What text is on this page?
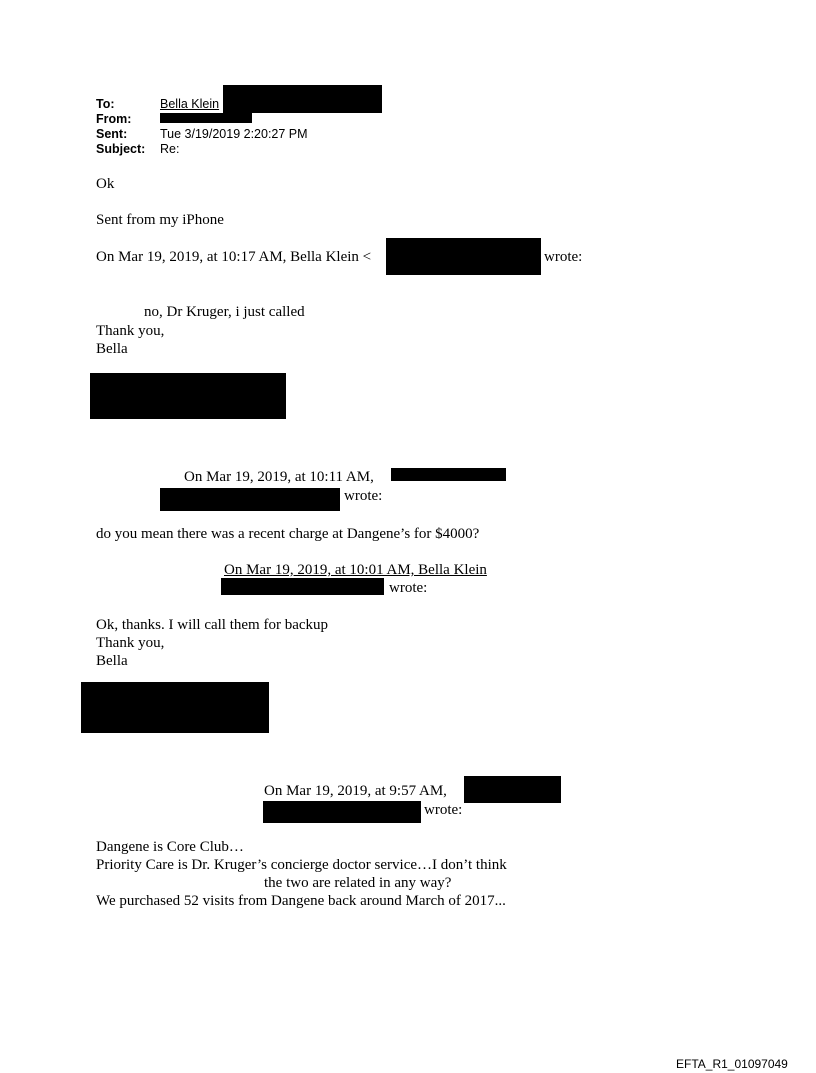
To:	Bella Klein
From:
Sent:	Tue 3/19/2019 2:20:27 PM
Subject: Re:
Ok
Sent from my iPhone
On Mar 19, 2019, at 10:17 AM, Bella Klein <	wrote:
no, Dr Kruger, i just called
Thank you,
Bella
On Mar 19, 2019, at 10:11 AM,
wrote:
do you mean there was a recent charge at Dangene’s for $4000?
On Mar 19, 2019, at 10:01 AM, Bella Klein
wrote:
Ok, thanks. I will call them for backup
Thank you,
Bella
On Mar 19, 2019, at 9:57 AM,
wrote:
Dangene is Core Club…
Priority Care is Dr. Kruger’s concierge doctor service…I don’t think
the two are related in any way?
We purchased 52 visits from Dangene back around March of 2017...
EFTA_R1_01097049
